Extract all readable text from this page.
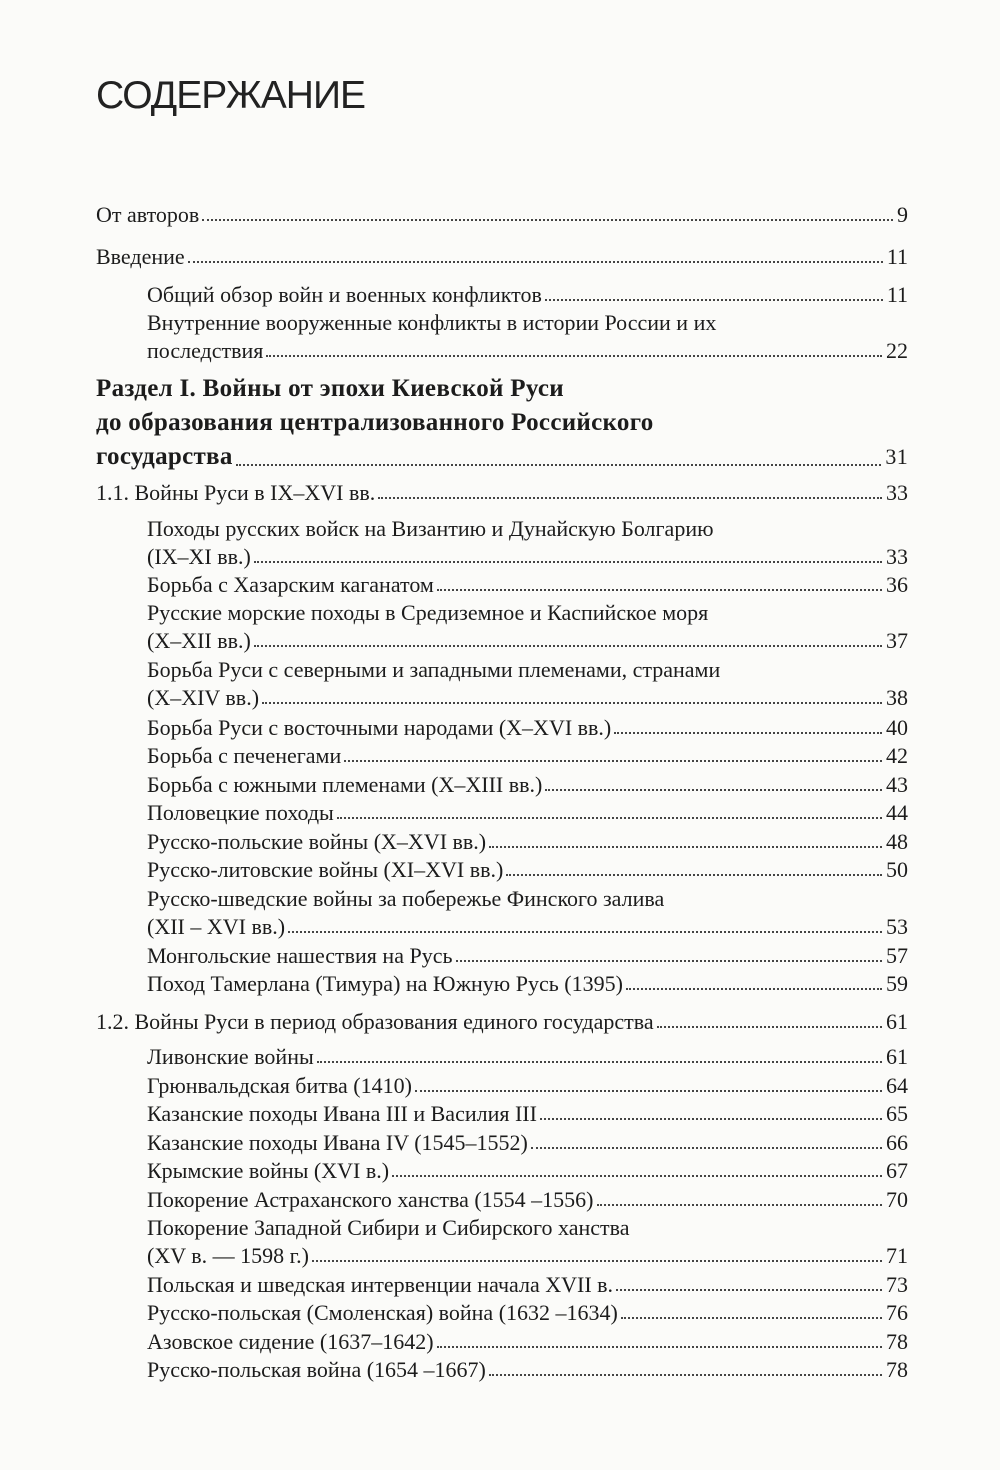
СОДЕРЖАНИЕ
От авторов	9
Введение	11
Общий обзор войн и военных конфликтов	11
Внутренние вооруженные конфликты в истории России и их
последствия	22
Раздел I. Войны от эпохи Киевской Руси
до образования централизованного Российского
государства	31
1.1. Войны Руси в IX–XVI вв.	33
Походы русских войск на Византию и Дунайскую Болгарию
(IX–XI вв.)	33
Борьба с Хазарским каганатом	36
Русские морские походы в Средиземное и Каспийское моря
(X–XII вв.)	37
Борьба Руси с северными и западными племенами, странами
(X–XIV вв.)	38
Борьба Руси с восточными народами (X–XVI вв.)	40
Борьба с печенегами	42
Борьба с южными племенами (X–XIII вв.)	43
Половецкие походы	44
Русско-польские войны (X–XVI вв.)	48
Русско-литовские войны (XI–XVI вв.)	50
Русско-шведские войны за побережье Финского залива
(XII – XVI вв.)	53
Монгольские нашествия на Русь	57
Поход Тамерлана (Тимура) на Южную Русь (1395)	59
1.2. Войны Руси в период образования единого государства	61
Ливонские войны	61
Грюнвальдская битва (1410)	64
Казанские походы Ивана III и Василия III	65
Казанские походы Ивана IV (1545–1552)	66
Крымские войны (XVI в.)	67
Покорение Астраханского ханства (1554 –1556)	70
Покорение Западной Сибири и Сибирского ханства
(XV в. — 1598 г.)	71
Польская и шведская интервенции начала XVII в.	73
Русско-польская (Смоленская) война (1632 –1634)	76
Азовское сидение (1637–1642)	78
Русско-польская война (1654 –1667)	78
